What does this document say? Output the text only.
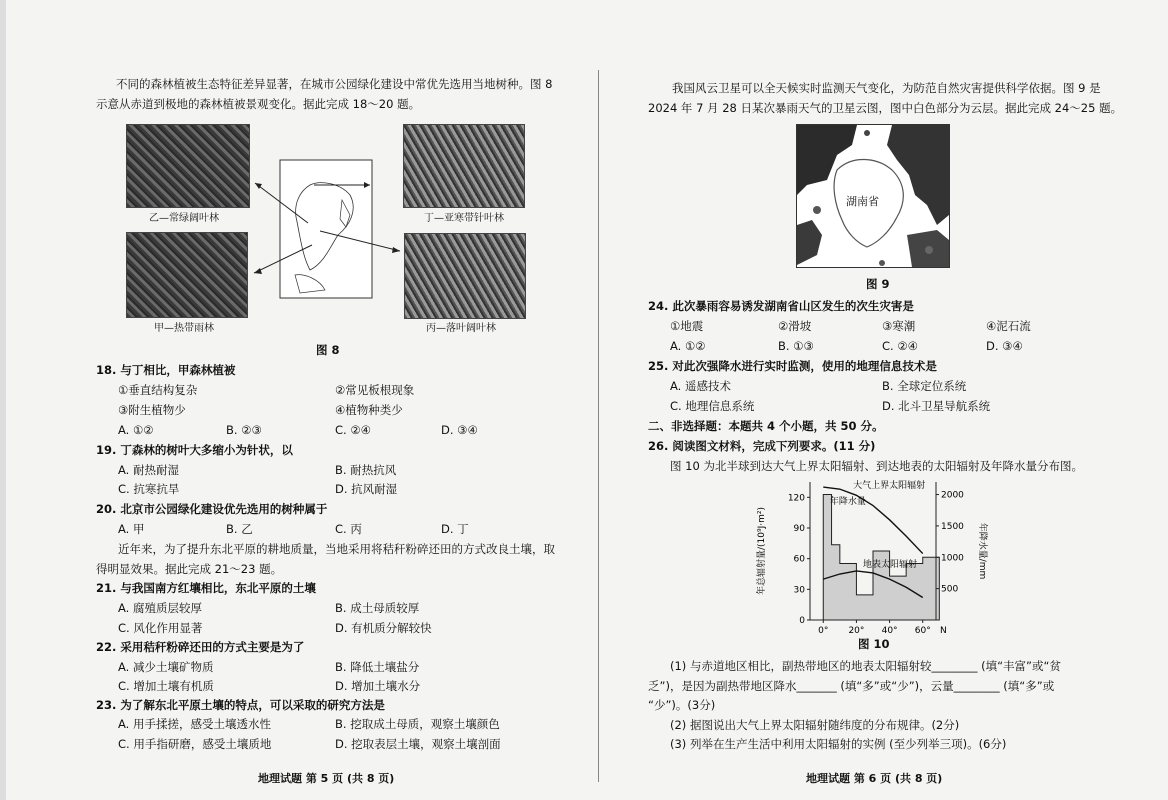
不同的森林植被生态特征差异显著，在城市公园绿化建设中常优先选用当地树种。图 8
示意从赤道到极地的森林植被景观变化。据此完成 18～20 题。
乙—常绿阔叶林	丁—亚寒带针叶林
甲—热带雨林	丙—落叶阔叶林
图 8
18. 与丁相比，甲森林植被
①垂直结构复杂	②常见板根现象
③附生植物少	④植物种类少
A. ①②	B. ②③	C. ②④	D. ③④
19. 丁森林的树叶大多缩小为针状，以
A. 耐热耐湿	B. 耐热抗风
C. 抗寒抗旱	D. 抗风耐湿
20. 北京市公园绿化建设优先选用的树种属于
A. 甲	B. 乙	C. 丙	D. 丁
近年来，为了提升东北平原的耕地质量，当地采用将秸秆粉碎还田的方式改良土壤，取
得明显效果。据此完成 21～23 题。
21. 与我国南方红壤相比，东北平原的土壤
A. 腐殖质层较厚	B. 成土母质较厚
C. 风化作用显著	D. 有机质分解较快
22. 采用秸秆粉碎还田的方式主要是为了
A. 减少土壤矿物质	B. 降低土壤盐分
C. 增加土壤有机质	D. 增加土壤水分
23. 为了解东北平原土壤的特点，可以采取的研究方法是
A. 用手揉搓，感受土壤透水性	B. 挖取成土母质，观察土壤颜色
C. 用手指研磨，感受土壤质地	D. 挖取表层土壤，观察土壤剖面
地理试题 第 5 页 (共 8 页)
我国风云卫星可以全天候实时监测天气变化，为防范自然灾害提供科学依据。图 9 是
2024 年 7 月 28 日某次暴雨天气的卫星云图，图中白色部分为云层。据此完成 24～25 题。
湖南省
图 9
24. 此次暴雨容易诱发湖南省山区发生的次生灾害是
①地震	②滑坡	③寒潮	④泥石流
A. ①②	B. ①③	C. ②④	D. ③④
25. 对此次强降水进行实时监测，使用的地理信息技术是
A. 遥感技术	B. 全球定位系统
C. 地理信息系统	D. 北斗卫星导航系统
二、非选择题：本题共 4 个小题，共 50 分。
26. 阅读图文材料，完成下列要求。(11 分)
图 10 为北半球到达大气上界太阳辐射、到达地表的太阳辐射及年降水量分布图。
0
30
60
90
120
500
1000
1500
2000
0° 20° 40° 60° N
年总辐射量/(10⁹J·m²)	年降水量/mm
大气上界太阳辐射
年降水量
地表太阳辐射
图 10
(1) 与赤道地区相比，副热带地区的地表太阳辐射较________ (填“丰富”或“贫
乏”)，是因为副热带地区降水_______ (填“多”或“少”)，云量________ (填“多”或
“少”)。(3分)
(2) 据图说出大气上界太阳辐射随纬度的分布规律。(2分)
(3) 列举在生产生活中利用太阳辐射的实例 (至少列举三项)。(6分)
地理试题 第 6 页 (共 8 页)
